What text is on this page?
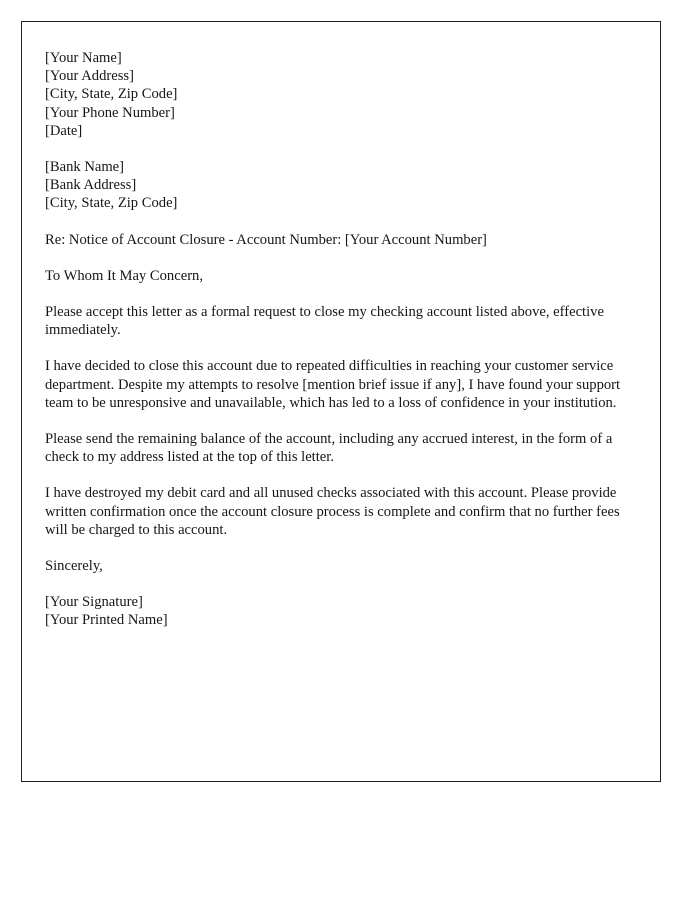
[Your Name]
[Your Address]
[City, State, Zip Code]
[Your Phone Number]
[Date]
[Bank Name]
[Bank Address]
[City, State, Zip Code]
Re: Notice of Account Closure - Account Number: [Your Account Number]
To Whom It May Concern,

Please accept this letter as a formal request to close my checking account listed above, effective immediately.

I have decided to close this account due to repeated difficulties in reaching your customer service department. Despite my attempts to resolve [mention brief issue if any], I have found your support team to be unresponsive and unavailable, which has led to a loss of confidence in your institution.

Please send the remaining balance of the account, including any accrued interest, in the form of a check to my address listed at the top of this letter.

I have destroyed my debit card and all unused checks associated with this account. Please provide written confirmation once the account closure process is complete and confirm that no further fees will be charged to this account.

Sincerely,
[Your Signature]
[Your Printed Name]
